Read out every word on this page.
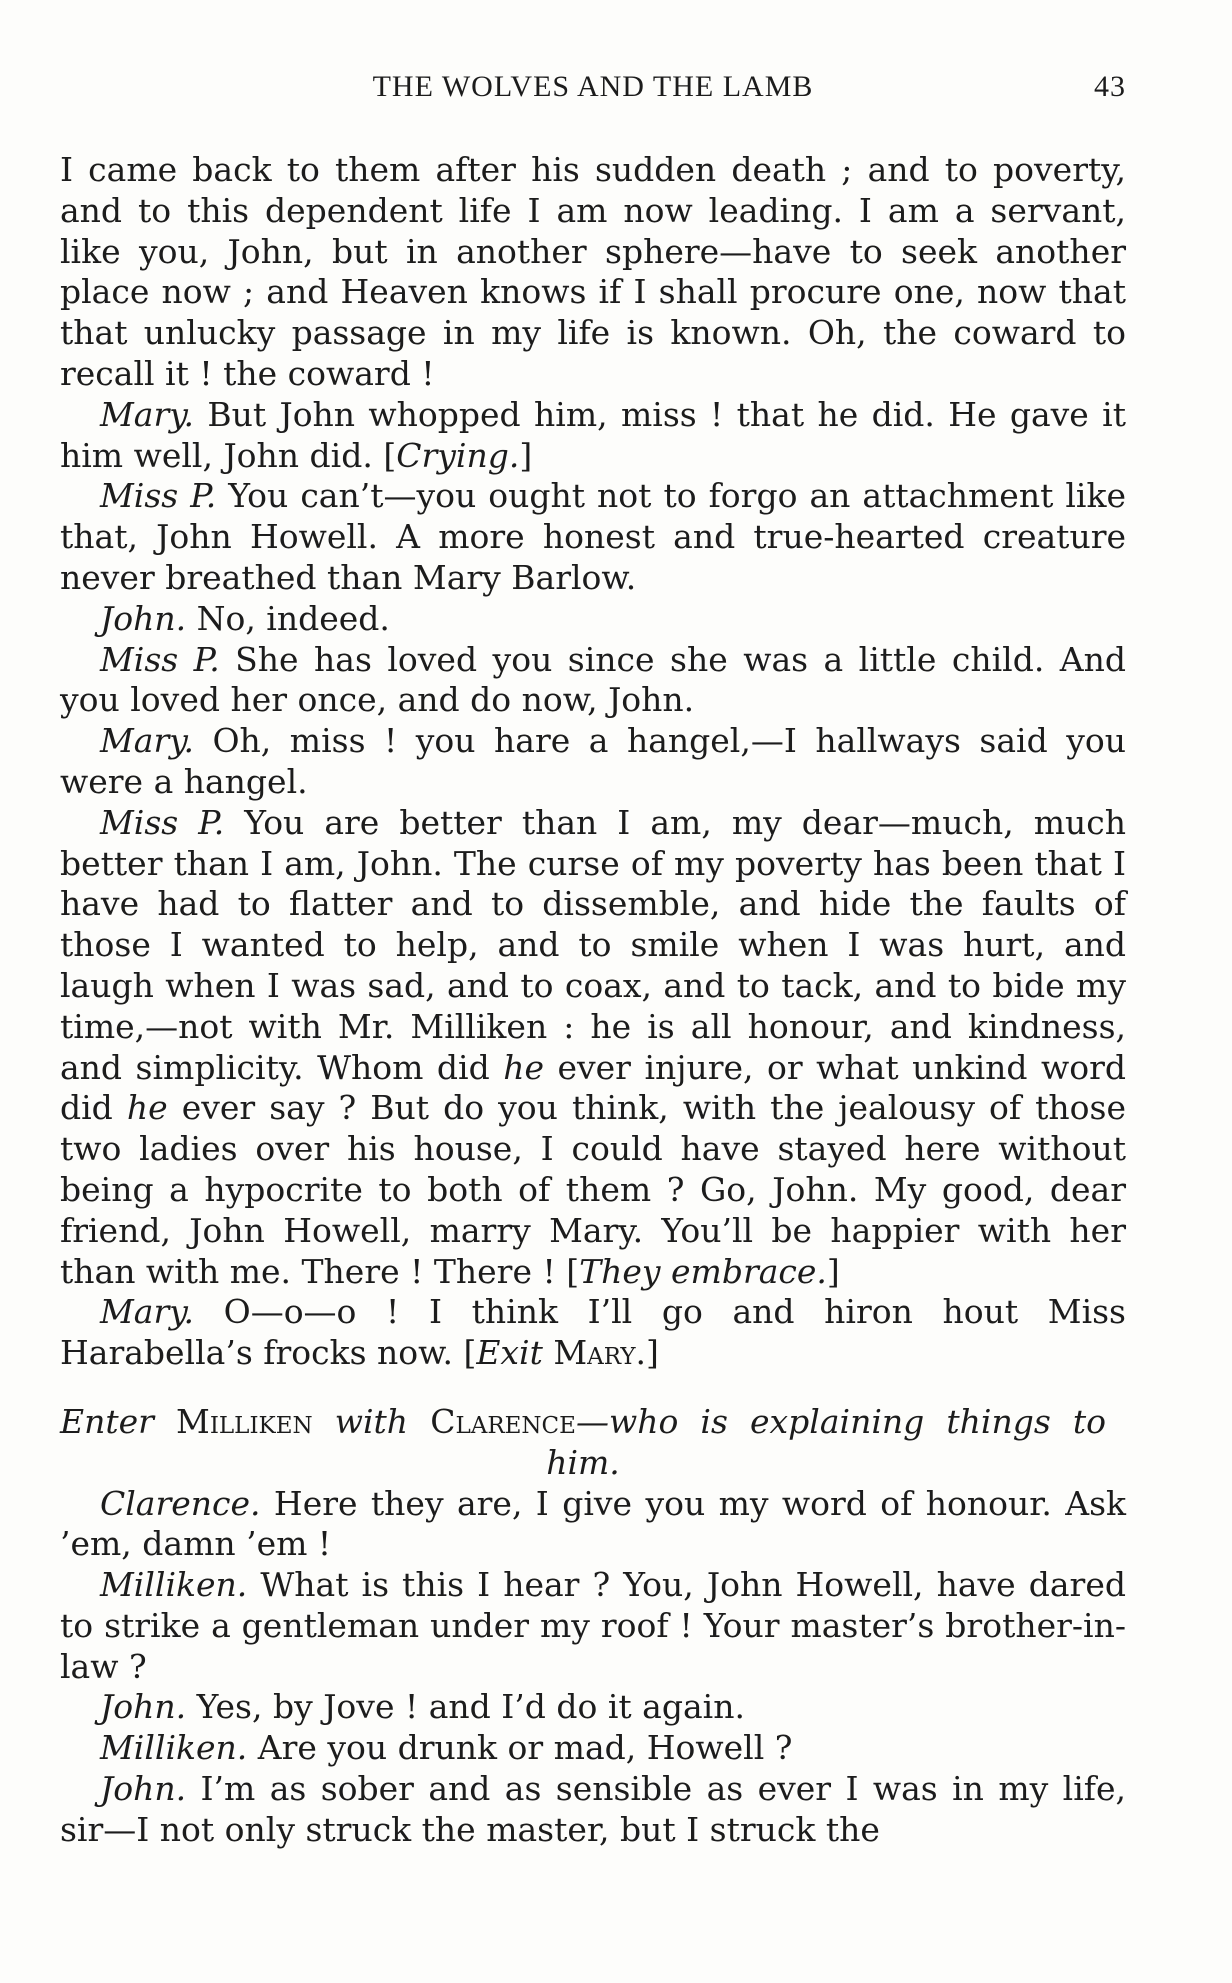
THE WOLVES AND THE LAMB	43

I came back to them after his sudden death ; and to poverty, and to this dependent life I am now leading. I am a servant, like you, John, but in another sphere—have to seek another place now ; and Heaven knows if I shall procure one, now that that unlucky passage in my life is known. Oh, the coward to recall it ! the coward !

Mary. But John whopped him, miss ! that he did. He gave it him well, John did. [Crying.]

Miss P. You can’t—you ought not to forgo an attachment like that, John Howell. A more honest and true-hearted creature never breathed than Mary Barlow.

John. No, indeed.

Miss P. She has loved you since she was a little child. And you loved her once, and do now, John.

Mary. Oh, miss ! you hare a hangel,—I hallways said you were a hangel.

Miss P. You are better than I am, my dear—much, much better than I am, John. The curse of my poverty has been that I have had to flatter and to dissemble, and hide the faults of those I wanted to help, and to smile when I was hurt, and laugh when I was sad, and to coax, and to tack, and to bide my time,—not with Mr. Milliken : he is all honour, and kindness, and simplicity. Whom did he ever injure, or what unkind word did he ever say ? But do you think, with the jealousy of those two ladies over his house, I could have stayed here without being a hypocrite to both of them ? Go, John. My good, dear friend, John Howell, marry Mary. You’ll be happier with her than with me. There ! There ! [They embrace.]

Mary. O—o—o ! I think I’ll go and hiron hout Miss Harabella’s frocks now. [Exit Mary.]

Enter Milliken with Clarence—who is explaining things to him.

Clarence. Here they are, I give you my word of honour. Ask ’em, damn ’em !

Milliken. What is this I hear ? You, John Howell, have dared to strike a gentleman under my roof ! Your master’s brother-in-law ?

John. Yes, by Jove ! and I’d do it again.

Milliken. Are you drunk or mad, Howell ?

John. I’m as sober and as sensible as ever I was in my life, sir—I not only struck the master, but I struck the
